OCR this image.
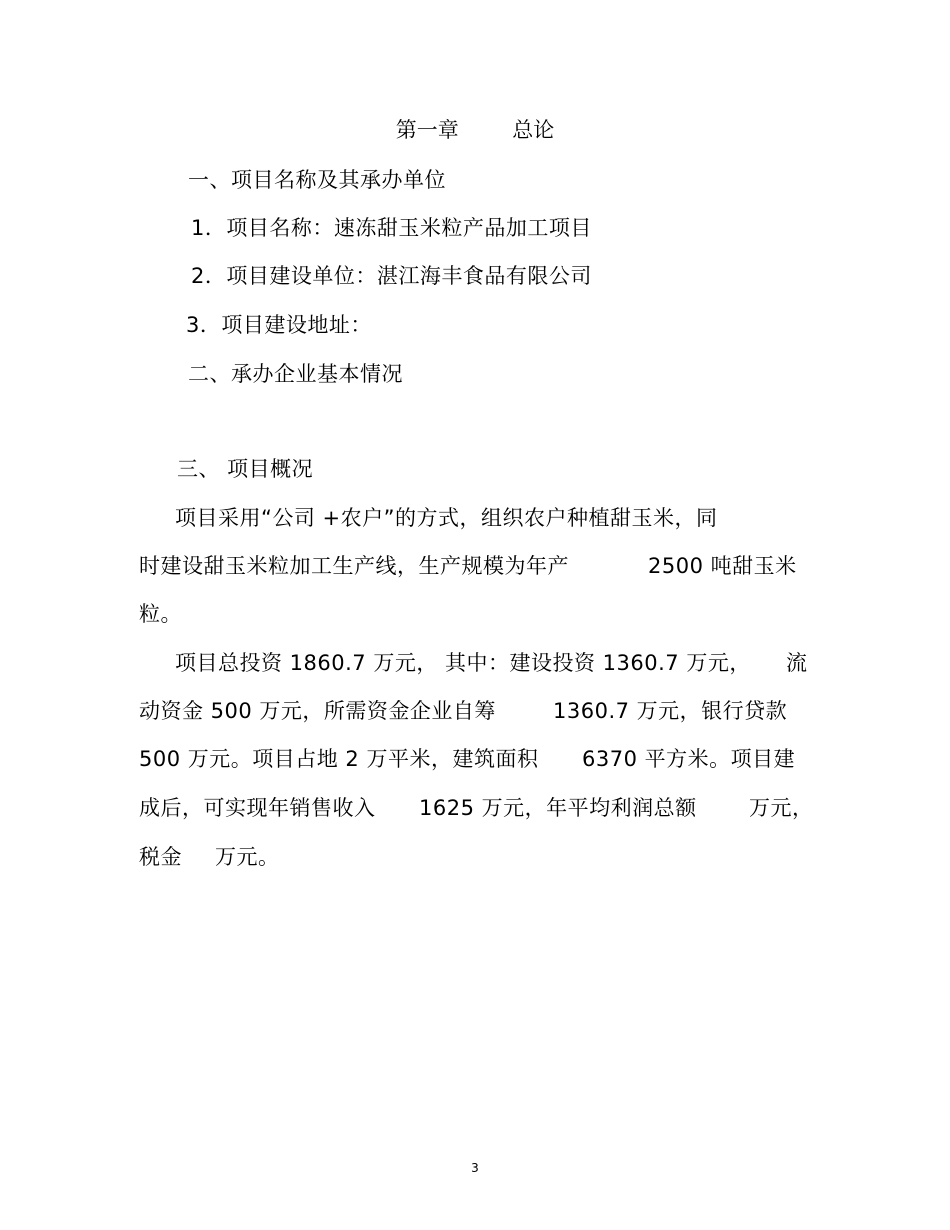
第一章        总论
一、项目名称及其承办单位
1．项目名称：速冻甜玉米粒产品加工项目
2．项目建设单位：湛江海丰食品有限公司
3．项目建设地址：
二、承办企业基本情况
三、 项目概况
项目采用“公司 +农户”的方式，组织农户种植甜玉米，同
时建设甜玉米粒加工生产线，生产规模为年产	2500 吨甜玉米
粒。
项目总投资 1860.7 万元， 其中：建设投资 1360.7 万元， 流
动资金 500 万元，所需资金企业自筹	1360.7 万元，银行贷款
500 万元。项目占地 2 万平米，建筑面积 6370 平方米。项目建
成后，可实现年销售收入 1625 万元，年平均利润总额 万元，
税金 万元。
3
